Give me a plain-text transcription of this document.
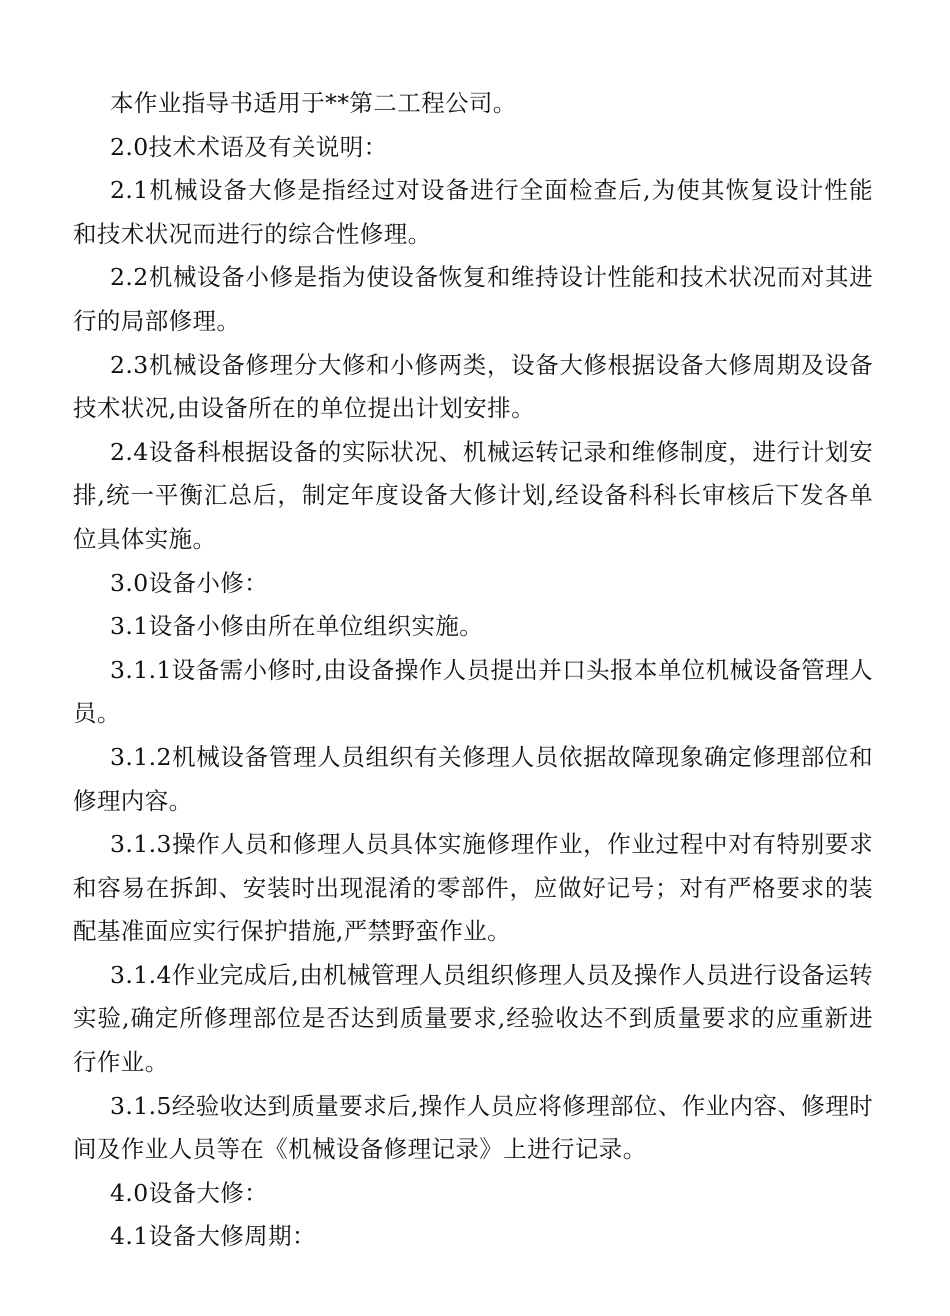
本作业指导书适用于**第二工程公司。

2.0技术术语及有关说明：

2.1机械设备大修是指经过对设备进行全面检查后,为使其恢复设计性能和技术状况而进行的综合性修理。

2.2机械设备小修是指为使设备恢复和维持设计性能和技术状况而对其进行的局部修理。

2.3机械设备修理分大修和小修两类，设备大修根据设备大修周期及设备技术状况,由设备所在的单位提出计划安排。

2.4设备科根据设备的实际状况、机械运转记录和维修制度，进行计划安排,统一平衡汇总后，制定年度设备大修计划,经设备科科长审核后下发各单位具体实施。

3.0设备小修：

3.1设备小修由所在单位组织实施。

3.1.1设备需小修时,由设备操作人员提出并口头报本单位机械设备管理人员。

3.1.2机械设备管理人员组织有关修理人员依据故障现象确定修理部位和修理内容。

3.1.3操作人员和修理人员具体实施修理作业，作业过程中对有特别要求和容易在拆卸、安装时出现混淆的零部件，应做好记号；对有严格要求的装配基准面应实行保护措施,严禁野蛮作业。

3.1.4作业完成后,由机械管理人员组织修理人员及操作人员进行设备运转实验,确定所修理部位是否达到质量要求,经验收达不到质量要求的应重新进行作业。

3.1.5经验收达到质量要求后,操作人员应将修理部位、作业内容、修理时间及作业人员等在《机械设备修理记录》上进行记录。

4.0设备大修：

4.1设备大修周期：
